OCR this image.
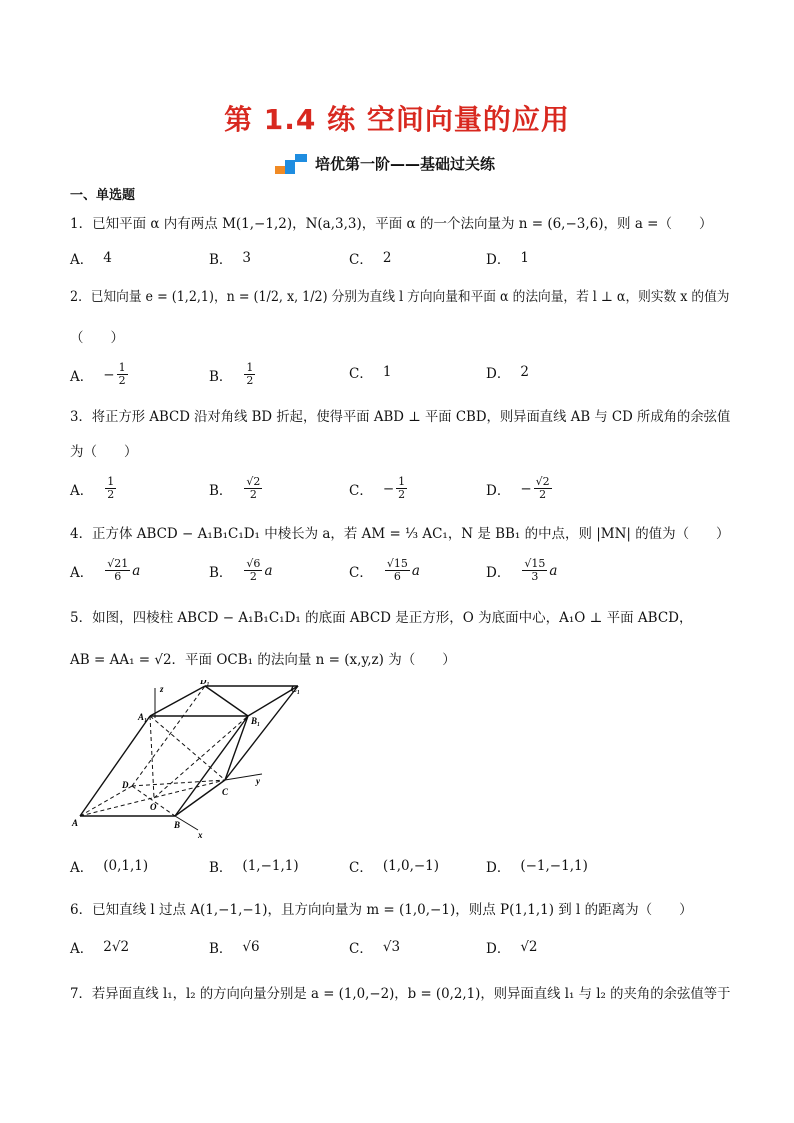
第 1.4 练 空间向量的应用
培优第一阶——基础过关练
一、单选题
1．已知平面 α 内有两点 M(1,−1,2)，N(a,3,3)，平面 α 的一个法向量为 n = (6,−3,6)，则 a =（　　）
A． 4	B． 3	C． 2	D． 1
2．已知向量 e = (1,2,1)，n = (1/2, x, 1/2) 分别为直线 l 方向向量和平面 α 的法向量，若 l ⊥ α，则实数 x 的值为
（　　）
A． − $\frac{1}{2}$	B． $\frac{1}{2}$	C． 1	D． 2
3．将正方形 ABCD 沿对角线 BD 折起，使得平面 ABD ⊥ 平面 CBD，则异面直线 AB 与 CD 所成角的余弦值
为（　　）
A． $\frac{1}{2}$	B． $\frac{√2}{2}$	C． − $\frac{1}{2}$	D． − $\frac{√2}{2}$
4．正方体 ABCD − A₁B₁C₁D₁ 中棱长为 a，若 AM = ⅓ AC₁，N 是 BB₁ 的中点，则 |MN| 的值为（　　）
A． $\frac{√21}{6}$ a	B． $\frac{√6}{2}$ a	C． $\frac{√15}{6}$ a	D． $\frac{√15}{3}$ a
5．如图，四棱柱 ABCD − A₁B₁C₁D₁ 的底面 ABCD 是正方形，O 为底面中心，A₁O ⊥ 平面 ABCD，
AB = AA₁ = √2．平面 OCB₁ 的法向量 n = (x,y,z) 为（　　）
z
D₁
C₁
A₁	B₁
D
O
C
y
A	B
x
A． (0,1,1)	B． (1,−1,1)	C． (1,0,−1)	D． (−1,−1,1)
6．已知直线 l 过点 A(1,−1,−1)，且方向向量为 m = (1,0,−1)，则点 P(1,1,1) 到 l 的距离为（　　）
A． 2√2	B． √6	C． √3	D． √2
7．若异面直线 l₁，l₂ 的方向向量分别是 a = (1,0,−2)，b = (0,2,1)，则异面直线 l₁ 与 l₂ 的夹角的余弦值等于
